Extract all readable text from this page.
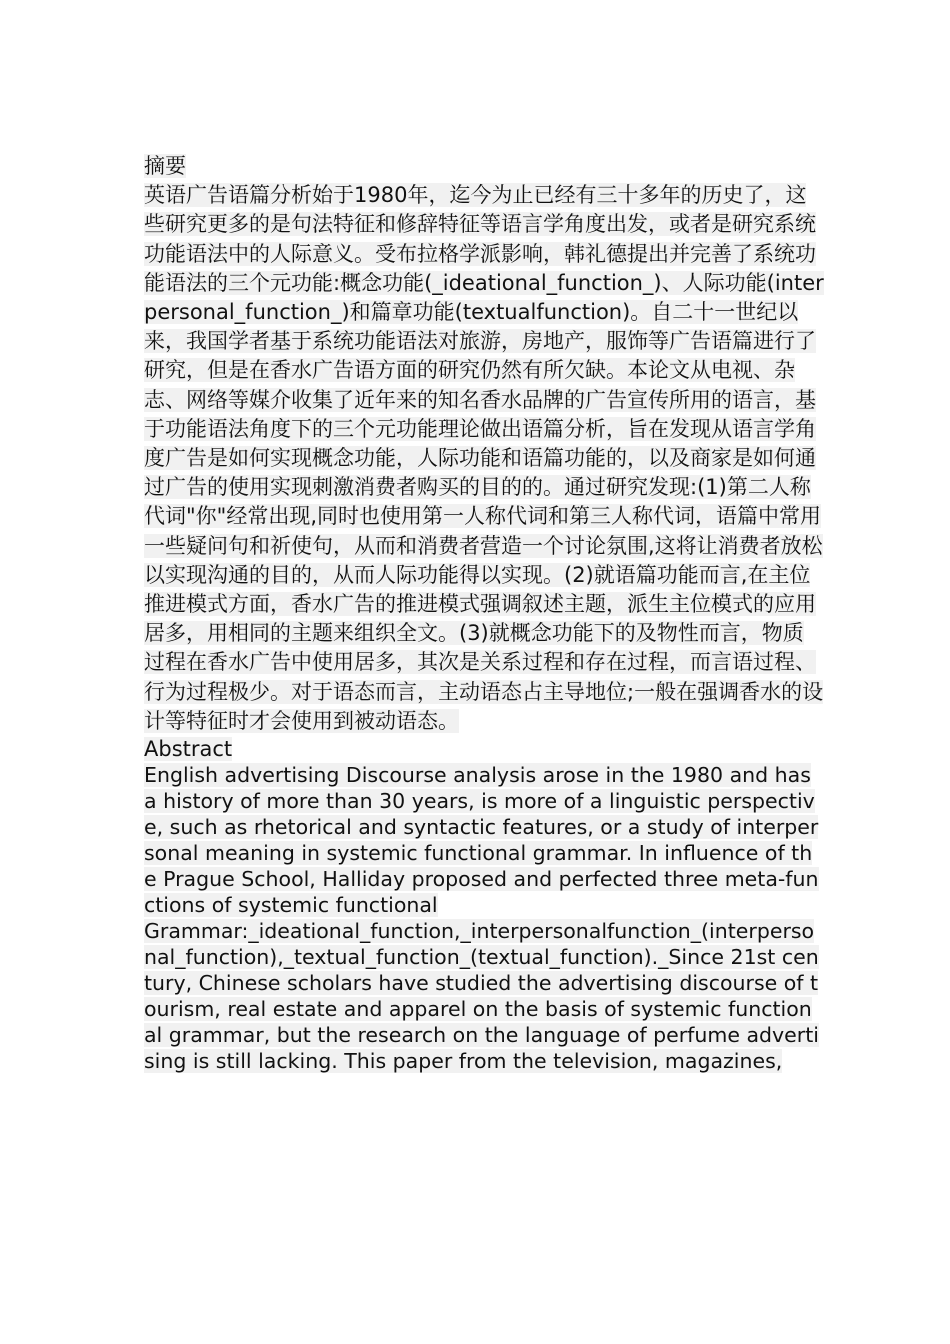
摘要

英语广告语篇分析始于1980年，迄今为止已经有三十多年的历史了，这些研究更多的是句法特征和修辞特征等语言学角度出发，或者是研究系统功能语法中的人际意义。受布拉格学派影响，韩礼德提出并完善了系统功能语法的三个元功能:概念功能(_ideational_function_)、人际功能(interpersonal_function_)和篇章功能(textualfunction)。自二十一世纪以来，我国学者基于系统功能语法对旅游，房地产，服饰等广告语篇进行了研究，但是在香水广告语方面的研究仍然有所欠缺。本论文从电视、杂志、网络等媒介收集了近年来的知名香水品牌的广告宣传所用的语言，基于功能语法角度下的三个元功能理论做出语篇分析，旨在发现从语言学角度广告是如何实现概念功能，人际功能和语篇功能的，以及商家是如何通过广告的使用实现刺激消费者购买的目的的。通过研究发现:(1)第二人称代词"你"经常出现,同时也使用第一人称代词和第三人称代词，语篇中常用一些疑问句和祈使句，从而和消费者营造一个讨论氛围,这将让消费者放松以实现沟通的目的，从而人际功能得以实现。(2)就语篇功能而言,在主位推进模式方面，香水广告的推进模式强调叙述主题，派生主位模式的应用居多，用相同的主题来组织全文。(3)就概念功能下的及物性而言，物质过程在香水广告中使用居多，其次是关系过程和存在过程，而言语过程、行为过程极少。对于语态而言，主动语态占主导地位;一般在强调香水的设计等特征时才会使用到被动语态。

Abstract

English advertising Discourse analysis arose in the 1980 and has a history of more than 30 years, is more of a linguistic perspective, such as rhetorical and syntactic features, or a study of interpersonal meaning in systemic functional grammar. In influence of the Prague School, Halliday proposed and perfected three meta-functions of systemic functional

Grammar:_ideational_function,_interpersonalfunction_(interpersonal_function),_textual_function_(textual_function)._Since 21st century, Chinese scholars have studied the advertising discourse of tourism, real estate and apparel on the basis of systemic functional grammar, but the research on the language of perfume advertising is still lacking. This paper from the television, magazines,
